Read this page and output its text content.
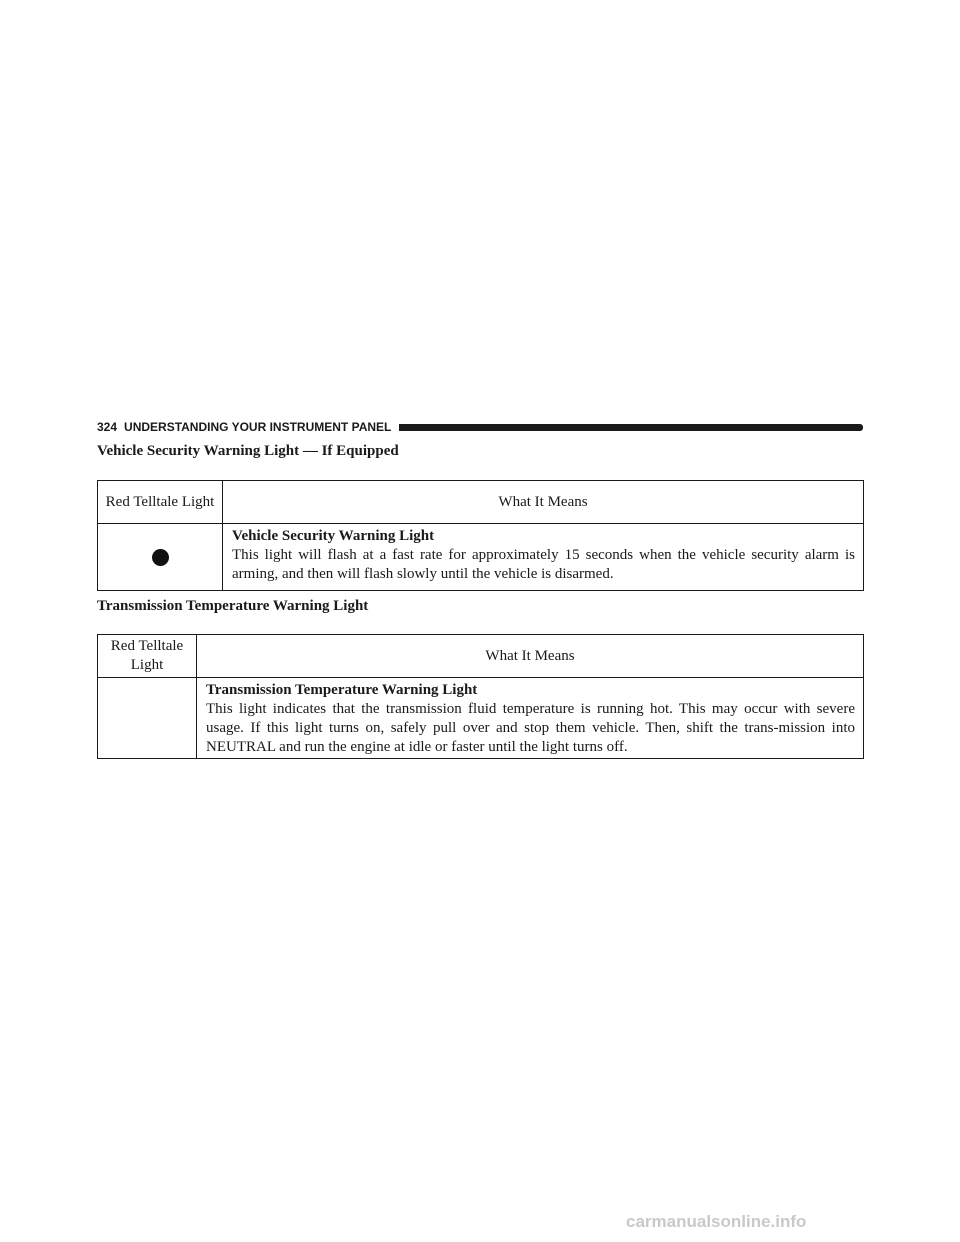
324 UNDERSTANDING YOUR INSTRUMENT PANEL
Vehicle Security Warning Light — If Equipped
Red Telltale Light	What It Means

	Vehicle Security Warning Light
This light will flash at a fast rate for approximately 15 seconds when the vehicle security alarm is arming, and then will flash slowly until the vehicle is disarmed.
Transmission Temperature Warning Light
Red Telltale Light	What It Means

	Transmission Temperature Warning Light
This light indicates that the transmission fluid temperature is running hot. This may occur with severe usage. If this light turns on, safely pull over and stop them vehicle. Then, shift the trans-mission into NEUTRAL and run the engine at idle or faster until the light turns off.
carmanualsonline.info
